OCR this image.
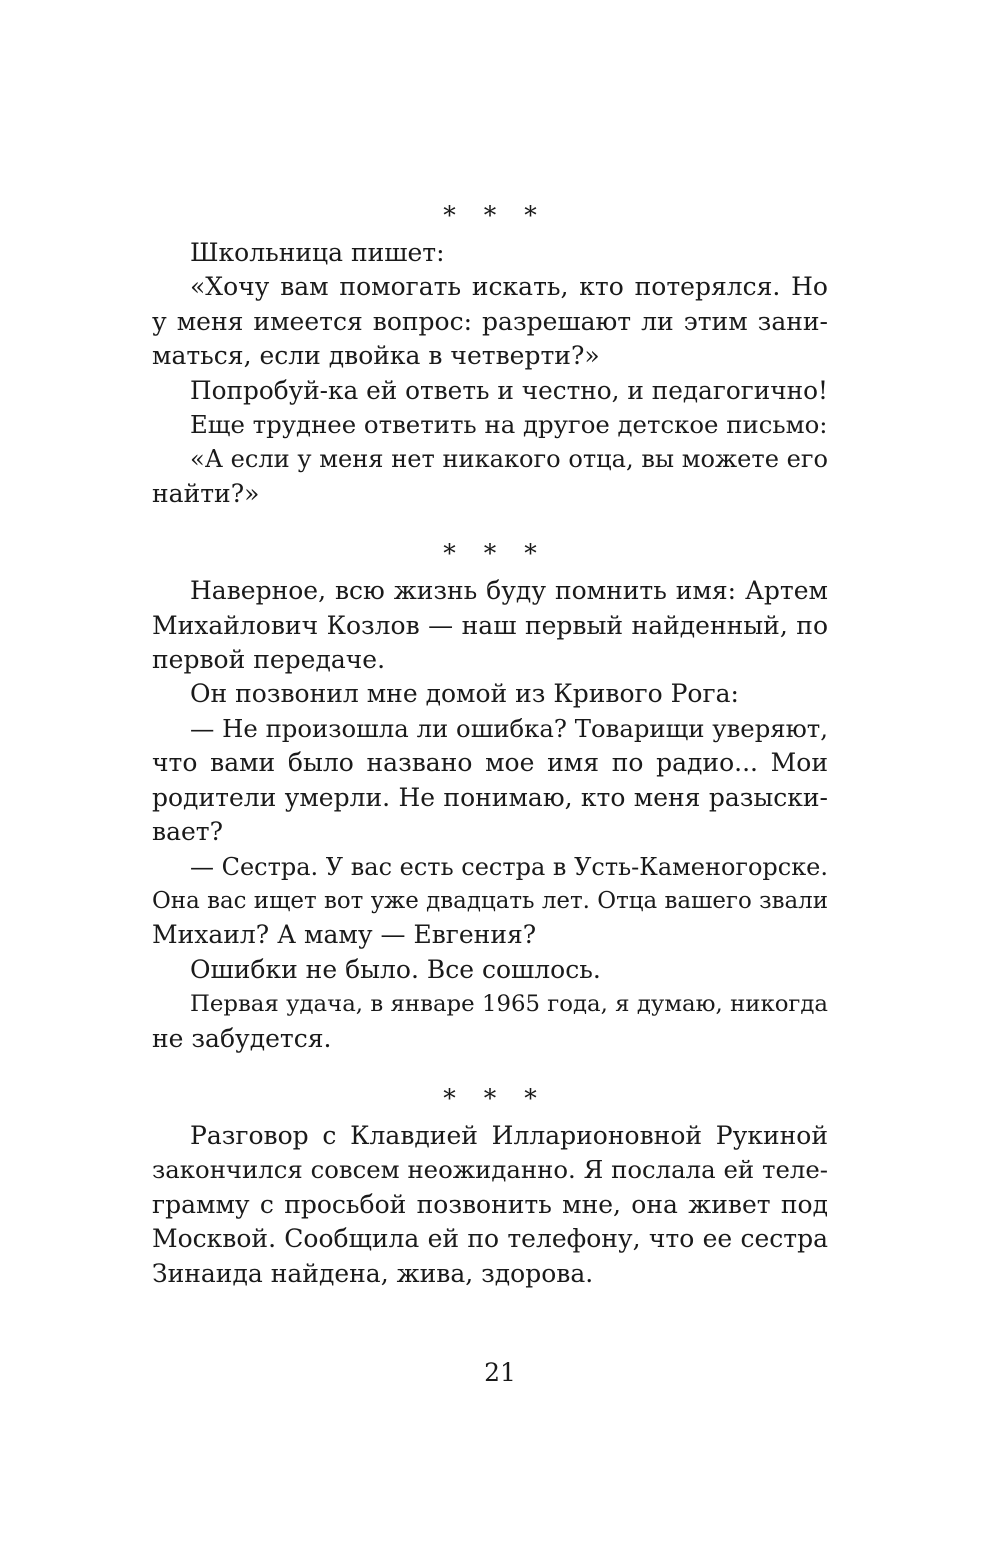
* * *

Школьница пишет:

«Хочу вам помогать искать, кто потерялся. Но
у меня имеется вопрос: разрешают ли этим зани-
маться, если двойка в четверти?»

Попробуй-ка ей ответь и честно, и педагогично!

Еще труднее ответить на другое детское письмо:

«А если у меня нет никакого отца, вы можете его
найти?»

* * *

Наверное, всю жизнь буду помнить имя: Артем
Михайлович Козлов — наш первый найденный, по
первой передаче.

Он позвонил мне домой из Кривого Рога:

— Не произошла ли ошибка? Товарищи уверяют,
что вами было названо мое имя по радио... Мои
родители умерли. Не понимаю, кто меня разыски-
вает?

— Сестра. У вас есть сестра в Усть-Каменогорске.
Она вас ищет вот уже двадцать лет. Отца вашего звали
Михаил? А маму — Евгения?

Ошибки не было. Все сошлось.

Первая удача, в январе 1965 года, я думаю, никогда
не забудется.

* * *

Разговор с Клавдией Илларионовной Рукиной
закончился совсем неожиданно. Я послала ей теле-
грамму с просьбой позвонить мне, она живет под
Москвой. Сообщила ей по телефону, что ее сестра
Зинаида найдена, жива, здорова.

21
